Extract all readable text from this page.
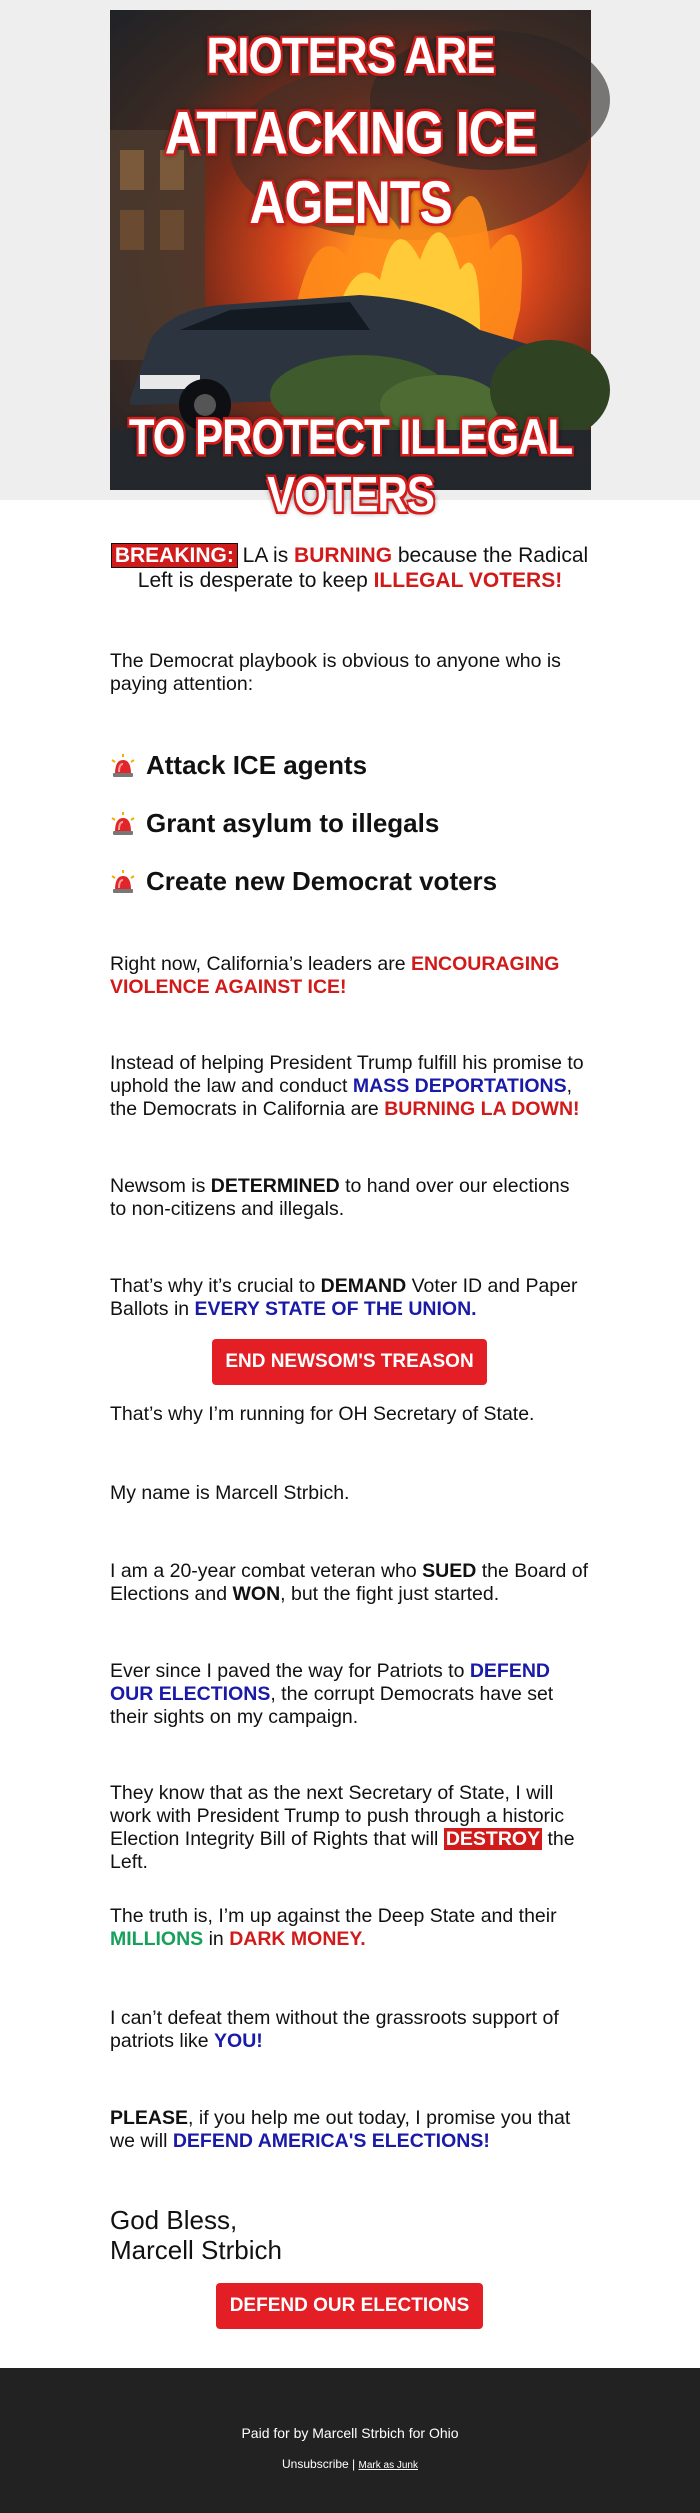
RIOTERS ARE
ATTACKING ICE AGENTS
TO PROTECT ILLEGAL VOTERS
BREAKING: LA is BURNING because the Radical Left is desperate to keep ILLEGAL VOTERS!
The Democrat playbook is obvious to anyone who is paying attention:
Attack ICE agents
Grant asylum to illegals
Create new Democrat voters
Right now, California’s leaders are ENCOURAGING VIOLENCE AGAINST ICE!
Instead of helping President Trump fulfill his promise to uphold the law and conduct MASS DEPORTATIONS, the Democrats in California are BURNING LA DOWN!
Newsom is DETERMINED to hand over our elections to non-citizens and illegals.
That’s why it’s crucial to DEMAND Voter ID and Paper Ballots in EVERY STATE OF THE UNION.
END NEWSOM'S TREASON
That’s why I’m running for OH Secretary of State.
My name is Marcell Strbich.
I am a 20-year combat veteran who SUED the Board of Elections and WON, but the fight just started.
Ever since I paved the way for Patriots to DEFEND OUR ELECTIONS, the corrupt Democrats have set their sights on my campaign.
They know that as the next Secretary of State, I will work with President Trump to push through a historic Election Integrity Bill of Rights that will DESTROY the Left.
The truth is, I’m up against the Deep State and their MILLIONS in DARK MONEY.
I can’t defeat them without the grassroots support of patriots like YOU!
PLEASE, if you help me out today, I promise you that we will DEFEND AMERICA'S ELECTIONS!
God Bless,
Marcell Strbich
DEFEND OUR ELECTIONS
Paid for by Marcell Strbich for Ohio
Unsubscribe | Mark as Junk
